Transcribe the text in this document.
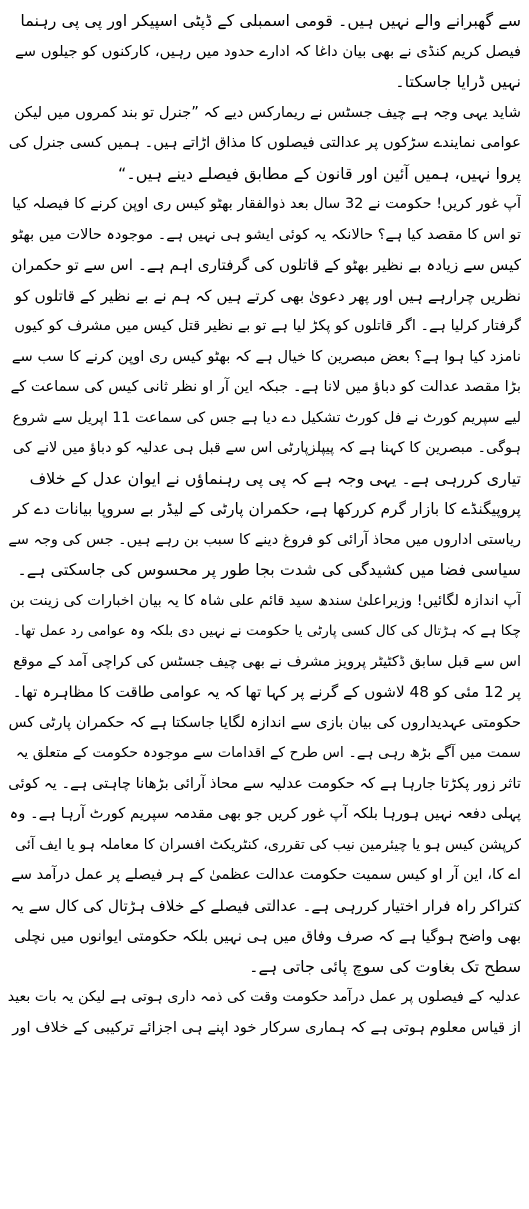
سے گھبرانے والے نہیں ہیں۔ قومی اسمبلی کے ڈپٹی اسپیکر اور پی پی رہنما
فیصل کریم کنڈی نے بھی بیان داغا کہ ادارے حدود میں رہیں، کارکنوں کو جیلوں سے
نہیں ڈرایا جاسکتا۔
شاید یہی وجہ ہے چیف جسٹس نے ریمارکس دیے کہ ”جنرل تو بند کمروں میں لیکن
عوامی نمایندے سڑکوں پر عدالتی فیصلوں کا مذاق اڑاتے ہیں۔ ہمیں کسی جنرل کی
پروا نہیں، ہمیں آئین اور قانون کے مطابق فیصلے دینے ہیں۔“
آپ غور کریں! حکومت نے 32 سال بعد ذوالفقار بھٹو کیس ری اوپن کرنے کا فیصلہ کیا
تو اس کا مقصد کیا ہے؟ حالانکہ یہ کوئی ایشو ہی نہیں ہے۔ موجودہ حالات میں بھٹو
کیس سے زیادہ بے نظیر بھٹو کے قاتلوں کی گرفتاری اہم ہے۔ اس سے تو حکمران
نظریں چرارہے ہیں اور پھر دعویٰ بھی کرتے ہیں کہ ہم نے بے نظیر کے قاتلوں کو
گرفتار کرلیا ہے۔ اگر قاتلوں کو پکڑ لیا ہے تو بے نظیر قتل کیس میں مشرف کو کیوں
نامزد کیا ہوا ہے؟ بعض مبصرین کا خیال ہے کہ بھٹو کیس ری اوپن کرنے کا سب سے
بڑا مقصد عدالت کو دباؤ میں لانا ہے۔ جبکہ این آر او نظر ثانی کیس کی سماعت کے
لیے سپریم کورٹ نے فل کورٹ تشکیل دے دیا ہے جس کی سماعت 11 اپریل سے شروع
ہوگی۔ مبصرین کا کہنا ہے کہ پیپلزپارٹی اس سے قبل ہی عدلیہ کو دباؤ میں لانے کی
تیاری کررہی ہے۔ یہی وجہ ہے کہ پی پی رہنماؤں نے ایوان عدل کے خلاف
پروپیگنڈے کا بازار گرم کررکھا ہے، حکمران پارٹی کے لیڈر بے سروپا بیانات دے کر
ریاستی اداروں میں محاذ آرائی کو فروغ دینے کا سبب بن رہے ہیں۔ جس کی وجہ سے
سیاسی فضا میں کشیدگی کی شدت بجا طور پر محسوس کی جاسکتی ہے۔
آپ اندازہ لگائیں! وزیراعلیٰ سندھ سید قائم علی شاہ کا یہ بیان اخبارات کی زینت بن
چکا ہے کہ ہڑتال کی کال کسی پارٹی یا حکومت نے نہیں دی بلکہ وہ عوامی رد عمل تھا۔
اس سے قبل سابق ڈکٹیٹر پرویز مشرف نے بھی چیف جسٹس کی کراچی آمد کے موقع
پر 12 مئی کو 48 لاشوں کے گرنے پر کہا تھا کہ یہ عوامی طاقت کا مظاہرہ تھا۔
حکومتی عہدیداروں کی بیان بازی سے اندازہ لگایا جاسکتا ہے کہ حکمران پارٹی کس
سمت میں آگے بڑھ رہی ہے۔ اس طرح کے اقدامات سے موجودہ حکومت کے متعلق یہ
تاثر زور پکڑتا جارہا ہے کہ حکومت عدلیہ سے محاذ آرائی بڑھانا چاہتی ہے۔ یہ کوئی
پہلی دفعہ نہیں ہورہا بلکہ آپ غور کریں جو بھی مقدمہ سپریم کورٹ آرہا ہے۔ وہ
کرپشن کیس ہو یا چیئرمین نیب کی تقرری، کنٹریکٹ افسران کا معاملہ ہو یا ایف آئی
اے کا، این آر او کیس سمیت حکومت عدالت عظمیٰ کے ہر فیصلے پر عمل درآمد سے
کتراکر راہ فرار اختیار کررہی ہے۔ عدالتی فیصلے کے خلاف ہڑتال کی کال سے یہ
بھی واضح ہوگیا ہے کہ صرف وفاق میں ہی نہیں بلکہ حکومتی ایوانوں میں نچلی
سطح تک بغاوت کی سوچ پائی جاتی ہے۔
عدلیہ کے فیصلوں پر عمل درآمد حکومت وقت کی ذمہ داری ہوتی ہے لیکن یہ بات بعید
از قیاس معلوم ہوتی ہے کہ ہماری سرکار خود اپنے ہی اجزائے ترکیبی کے خلاف اور
